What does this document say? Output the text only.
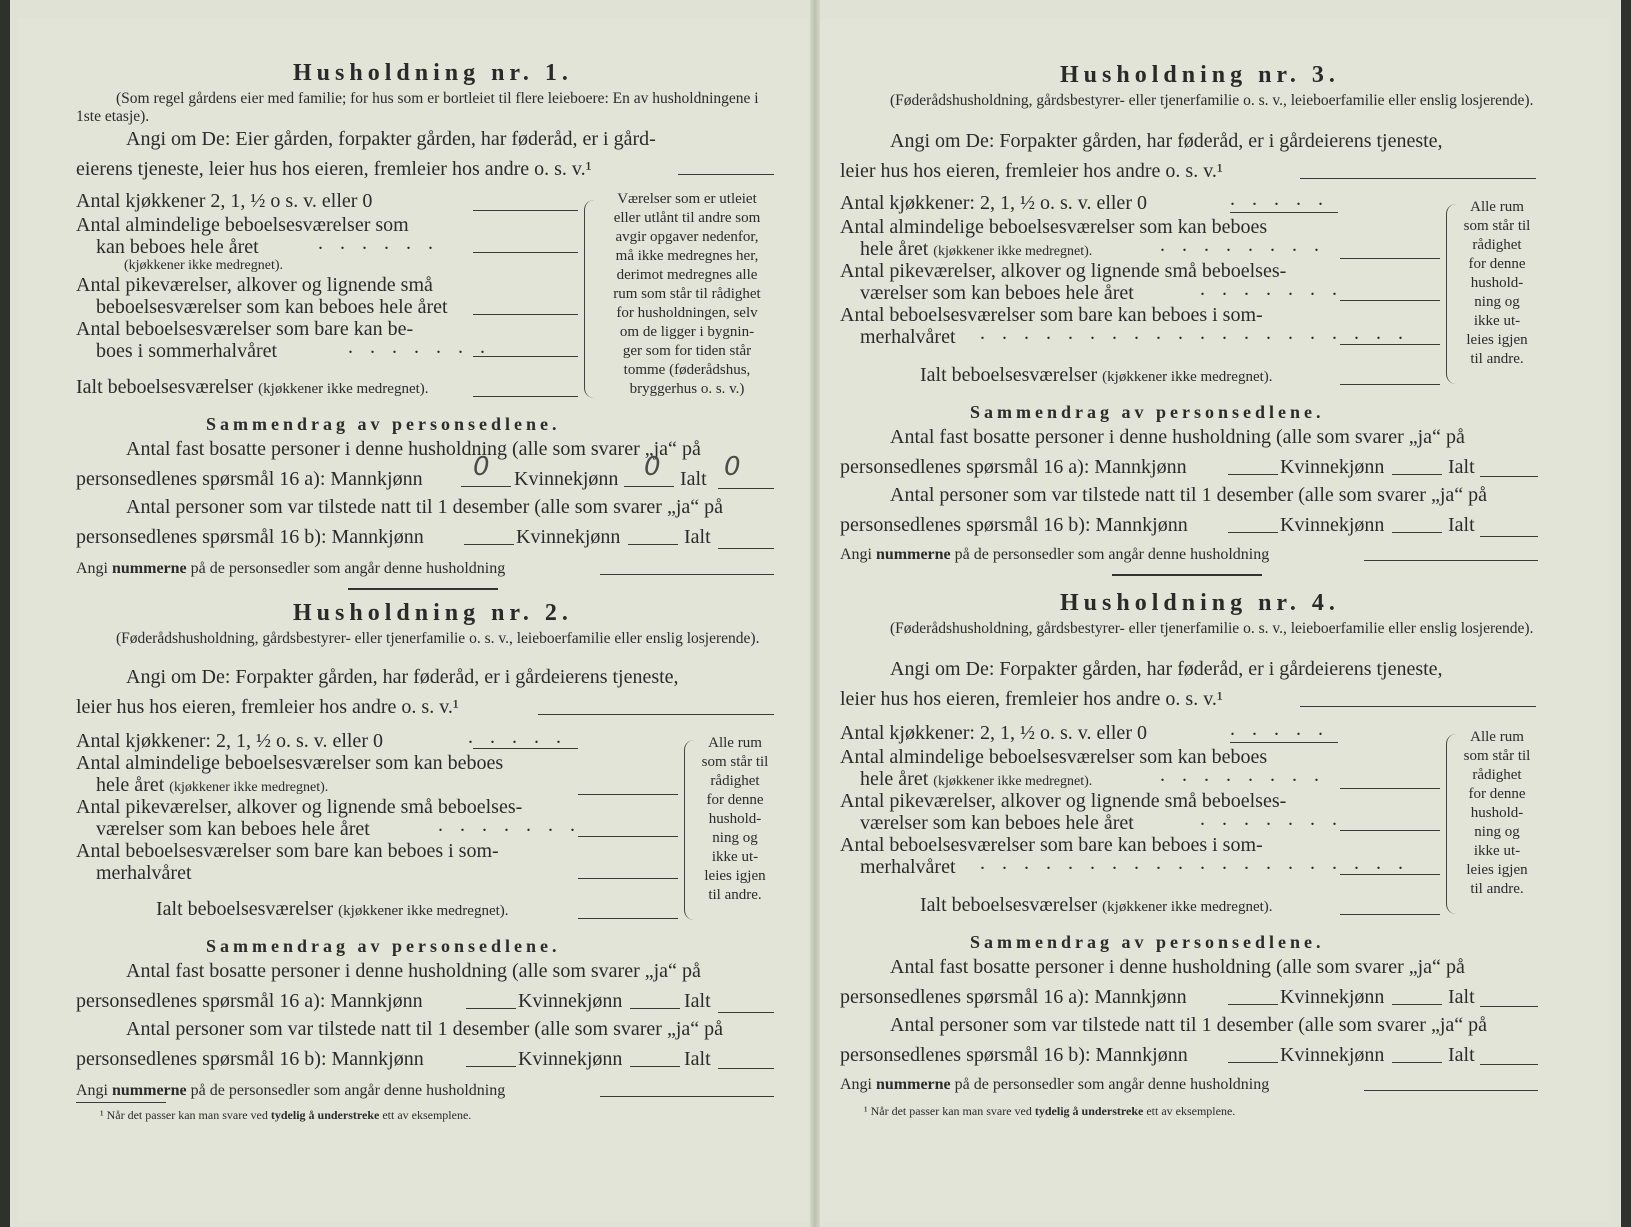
Husholdning nr. 1.
(Som regel gårdens eier med familie; for hus som er bortleiet til flere leieboere: En av husholdningene i 1ste etasje).
Angi om De: Eier gården, forpakter gården, har føderåd, er i gård-
eierens tjeneste, leier hus hos eieren, fremleier hos andre o. s. v.¹
Antal kjøkkener 2, 1, ½ o s. v. eller 0
Antal almindelige beboelsesværelser som
kan beboes hele året	. . . . . .
(kjøkkener ikke medregnet).
Antal pikeværelser, alkover og lignende små
beboelsesværelser som kan beboes hele året
Antal beboelsesværelser som bare kan be-
boes i sommerhalvåret	. . . . . . .
Ialt beboelsesværelser (kjøkkener ikke medregnet).
Værelser som er utleiet
eller utlånt til andre som
avgir opgaver nedenfor,
må ikke medregnes her,
derimot medregnes alle
rum som står til rådighet
for husholdningen, selv
om de ligger i bygnin-
ger som for tiden står
tomme (føderådshus,
bryggerhus o. s. v.)
Sammendrag av personsedlene.
Antal fast bosatte personer i denne husholdning (alle som svarer „ja“ på
personsedlenes spørsmål 16 a): Mannkjønn 0 Kvinnekjønn 0 Ialt 0
Antal personer som var tilstede natt til 1 desember (alle som svarer „ja“ på
personsedlenes spørsmål 16 b): Mannkjønn	Kvinnekjønn	Ialt
Angi nummerne på de personsedler som angår denne husholdning
Husholdning nr. 2.
(Føderådshusholdning, gårdsbestyrer- eller tjenerfamilie o. s. v., leieboerfamilie eller enslig losjerende).
Angi om De: Forpakter gården, har føderåd, er i gårdeierens tjeneste,
leier hus hos eieren, fremleier hos andre o. s. v.¹
Antal kjøkkener: 2, 1, ½ o. s. v. eller 0	. . . . .
Antal almindelige beboelsesværelser som kan beboes
hele året (kjøkkener ikke medregnet).
Antal pikeværelser, alkover og lignende små beboelses-
værelser som kan beboes hele året	. . . . . . .
Antal beboelsesværelser som bare kan beboes i som-
merhalvåret
Ialt beboelsesværelser (kjøkkener ikke medregnet).
Alle rum
som står til
rådighet
for denne
hushold-
ning og
ikke ut-
leies igjen
til andre.
Sammendrag av personsedlene.
Antal fast bosatte personer i denne husholdning (alle som svarer „ja“ på
personsedlenes spørsmål 16 a): Mannkjønn	Kvinnekjønn	Ialt
Antal personer som var tilstede natt til 1 desember (alle som svarer „ja“ på
personsedlenes spørsmål 16 b): Mannkjønn	Kvinnekjønn	Ialt
Angi nummerne på de personsedler som angår denne husholdning
¹ Når det passer kan man svare ved tydelig å understreke ett av eksemplene.
Husholdning nr. 3.
(Føderådshusholdning, gårdsbestyrer- eller tjenerfamilie o. s. v., leieboerfamilie eller enslig losjerende).
Angi om De: Forpakter gården, har føderåd, er i gårdeierens tjeneste,
leier hus hos eieren, fremleier hos andre o. s. v.¹
Antal kjøkkener: 2, 1, ½ o. s. v. eller 0	. . . . .
Antal almindelige beboelsesværelser som kan beboes
hele året (kjøkkener ikke medregnet).	. . . . . . . .
Antal pikeværelser, alkover og lignende små beboelses-
værelser som kan beboes hele året	. . . . . . .
Antal beboelsesværelser som bare kan beboes i som-
merhalvåret . . . . . . . . . . . . . . . . . . . .
Ialt beboelsesværelser (kjøkkener ikke medregnet).
Alle rum
som står til
rådighet
for denne
hushold-
ning og
ikke ut-
leies igjen
til andre.
Sammendrag av personsedlene.
Antal fast bosatte personer i denne husholdning (alle som svarer „ja“ på
personsedlenes spørsmål 16 a): Mannkjønn	Kvinnekjønn	Ialt
Antal personer som var tilstede natt til 1 desember (alle som svarer „ja“ på
personsedlenes spørsmål 16 b): Mannkjønn	Kvinnekjønn	Ialt
Angi nummerne på de personsedler som angår denne husholdning
Husholdning nr. 4.
(Føderådshusholdning, gårdsbestyrer- eller tjenerfamilie o. s. v., leieboerfamilie eller enslig losjerende).
Angi om De: Forpakter gården, har føderåd, er i gårdeierens tjeneste,
leier hus hos eieren, fremleier hos andre o. s. v.¹
Antal kjøkkener: 2, 1, ½ o. s. v. eller 0	. . . . .
Antal almindelige beboelsesværelser som kan beboes
hele året (kjøkkener ikke medregnet).	. . . . . . . .
Antal pikeværelser, alkover og lignende små beboelses-
værelser som kan beboes hele året	. . . . . . .
Antal beboelsesværelser som bare kan beboes i som-
merhalvåret . . . . . . . . . . . . . . . . . . . .
Ialt beboelsesværelser (kjøkkener ikke medregnet).
Alle rum
som står til
rådighet
for denne
hushold-
ning og
ikke ut-
leies igjen
til andre.
Sammendrag av personsedlene.
Antal fast bosatte personer i denne husholdning (alle som svarer „ja“ på
personsedlenes spørsmål 16 a): Mannkjønn	Kvinnekjønn	Ialt
Antal personer som var tilstede natt til 1 desember (alle som svarer „ja“ på
personsedlenes spørsmål 16 b): Mannkjønn	Kvinnekjønn	Ialt
Angi nummerne på de personsedler som angår denne husholdning
¹ Når det passer kan man svare ved tydelig å understreke ett av eksemplene.
